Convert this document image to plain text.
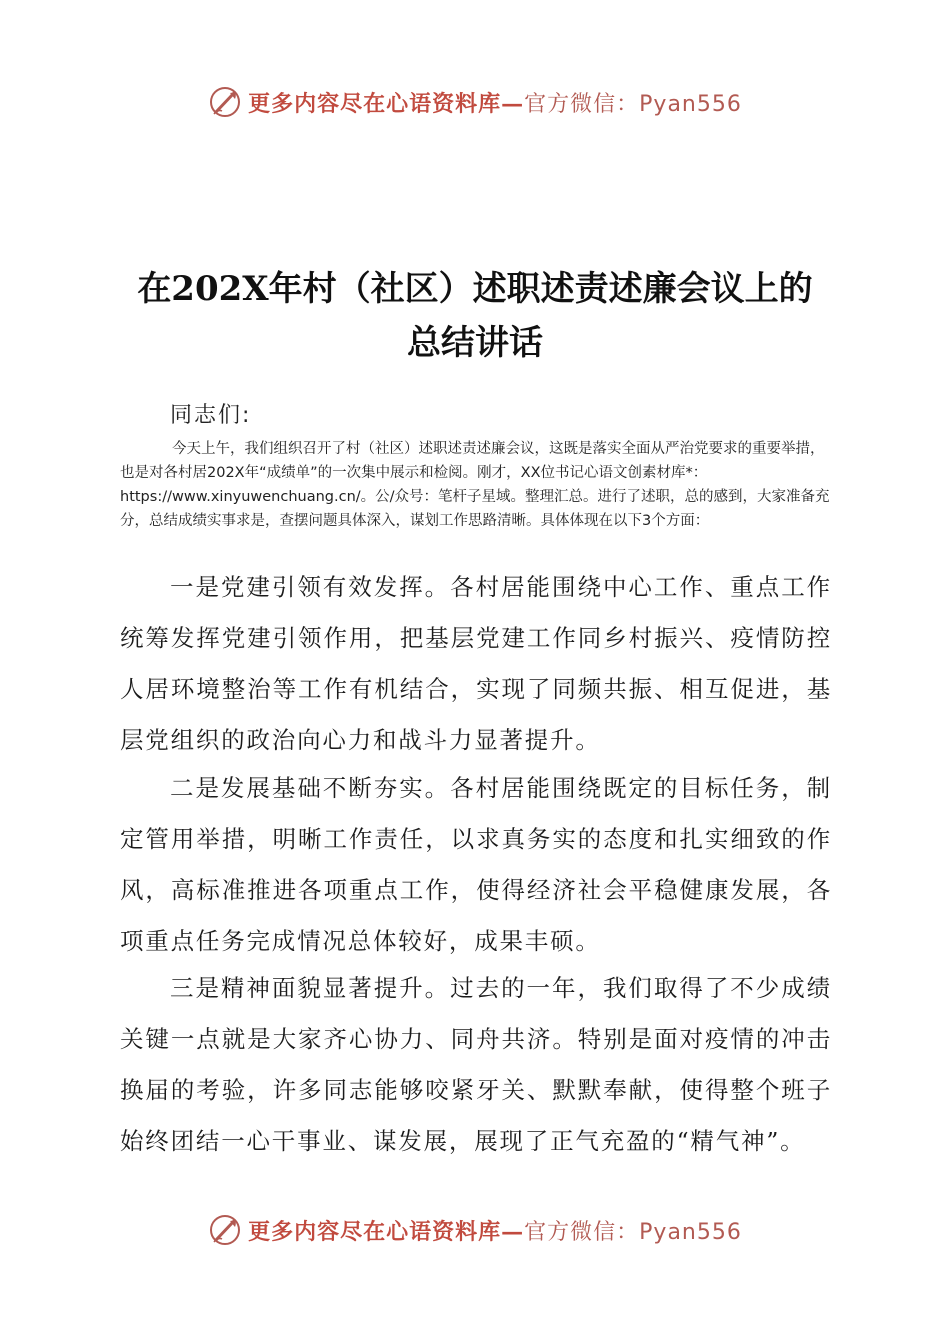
更多内容尽在心语资料库—官方微信：Pyan556
在202X年村（社区）述职述责述廉会议上的
总结讲话
同志们:

今天上午，我们组织召开了村（社区）述职述责述廉会议，这既是落实全面从严治党要求的重要举措，也是对各村居202X年“成绩单”的一次集中展示和检阅。刚才，XX位书记心语文创素材库*：https://www.xinyuwenchuang.cn/。公/众号：笔杆子星域。整理汇总。进行了述职，总的感到，大家准备充分，总结成绩实事求是，查摆问题具体深入，谋划工作思路清晰。具体体现在以下3个方面：

一是党建引领有效发挥。各村居能围绕中心工作、重点工作统筹发挥党建引领作用，把基层党建工作同乡村振兴、疫情防控人居环境整治等工作有机结合，实现了同频共振、相互促进，基层党组织的政治向心力和战斗力显著提升。

二是发展基础不断夯实。各村居能围绕既定的目标任务，制定管用举措，明晰工作责任，以求真务实的态度和扎实细致的作风，高标准推进各项重点工作，使得经济社会平稳健康发展，各项重点任务完成情况总体较好，成果丰硕。

三是精神面貌显著提升。过去的一年，我们取得了不少成绩关键一点就是大家齐心协力、同舟共济。特别是面对疫情的冲击换届的考验，许多同志能够咬紧牙关、默默奉献，使得整个班子始终团结一心干事业、谋发展，展现了正气充盈的“精气神”。

更多内容尽在心语资料库—官方微信：Pyan556
